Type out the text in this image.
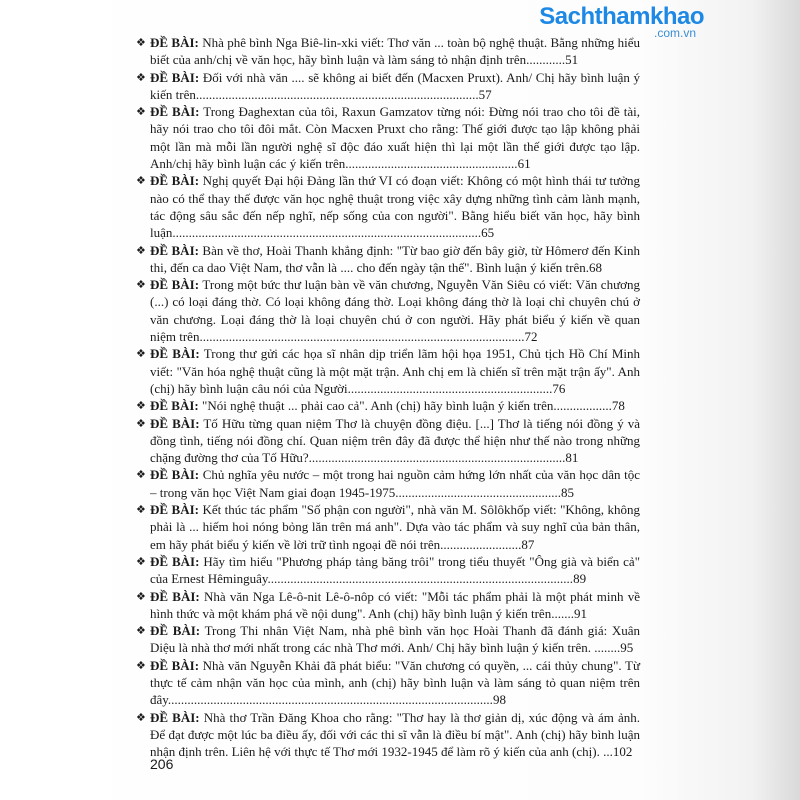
Sachthamkhao
.com.vn

❖ ĐỀ BÀI: Nhà phê bình Nga Biê-lin-xki viết: Thơ văn ... toàn bộ nghệ thuật. Bằng những hiểu biết của anh/chị về văn học, hãy bình luận và làm sáng tỏ nhận định trên............51

❖ ĐỀ BÀI: Đối với nhà văn .... sẽ không ai biết đến (Macxen Pruxt). Anh/ Chị hãy bình luận ý kiến trên.......................................................................................57

❖ ĐỀ BÀI: Trong Đaghextan của tôi, Raxun Gamzatov từng nói: Đừng nói trao cho tôi đề tài, hãy nói trao cho tôi đôi mắt. Còn Macxen Pruxt cho rằng: Thế giới được tạo lập không phải một lần mà mỗi lần người nghệ sĩ độc đáo xuất hiện thì lại một lần thế giới được tạo lập. Anh/chị hãy bình luận các ý kiến trên.....................................................61

❖ ĐỀ BÀI: Nghị quyết Đại hội Đảng lần thứ VI có đoạn viết: Không có một hình thái tư tưởng nào có thể thay thế được văn học nghệ thuật trong việc xây dựng những tình cảm lành mạnh, tác động sâu sắc đến nếp nghĩ, nếp sống của con người". Bằng hiểu biết văn học, hãy bình luận...............................................................................................65

❖ ĐỀ BÀI: Bàn về thơ, Hoài Thanh khẳng định: "Từ bao giờ đến bây giờ, từ Hômerơ đến Kinh thi, đến ca dao Việt Nam, thơ vẫn là .... cho đến ngày tận thế". Bình luận ý kiến trên.68

❖ ĐỀ BÀI: Trong một bức thư luận bàn về văn chương, Nguyễn Văn Siêu có viết: Văn chương (...) có loại đáng thờ. Có loại không đáng thờ. Loại không đáng thờ là loại chỉ chuyên chú ở văn chương. Loại đáng thờ là loại chuyên chú ở con người. Hãy phát biểu ý kiến về quan niệm trên....................................................................................................72

❖ ĐỀ BÀI: Trong thư gửi các họa sĩ nhân dịp triển lãm hội họa 1951, Chủ tịch Hồ Chí Minh viết: "Văn hóa nghệ thuật cũng là một mặt trận. Anh chị em là chiến sĩ trên mặt trận ấy". Anh (chị) hãy bình luận câu nói của Người...............................................................76

❖ ĐỀ BÀI: "Nói nghệ thuật ... phải cao cả". Anh (chị) hãy bình luận ý kiến trên..................78

❖ ĐỀ BÀI: Tố Hữu từng quan niệm Thơ là chuyện đồng điệu. [...] Thơ là tiếng nói đồng ý và đồng tình, tiếng nói đồng chí. Quan niệm trên đây đã được thể hiện như thế nào trong những chặng đường thơ của Tố Hữu?...............................................................................81

❖ ĐỀ BÀI: Chủ nghĩa yêu nước – một trong hai nguồn cảm hứng lớn nhất của văn học dân tộc – trong văn học Việt Nam giai đoạn 1945-1975...................................................85

❖ ĐỀ BÀI: Kết thúc tác phẩm "Số phận con người", nhà văn M. Sôlôkhốp viết: "Không, không phải là ... hiếm hoi nóng bỏng lăn trên má anh". Dựa vào tác phẩm và suy nghĩ của bản thân, em hãy phát biểu ý kiến về lời trữ tình ngoại đề nói trên.........................87

❖ ĐỀ BÀI: Hãy tìm hiểu "Phương pháp tảng băng trôi" trong tiểu thuyết "Ông già và biển cả" của Ernest Hêminguây..............................................................................................89

❖ ĐỀ BÀI: Nhà văn Nga Lê-ô-nit Lê-ô-nôp có viết: "Mỗi tác phẩm phải là một phát minh về hình thức và một khám phá về nội dung". Anh (chị) hãy bình luận ý kiến trên.......91

❖ ĐỀ BÀI: Trong Thi nhân Việt Nam, nhà phê bình văn học Hoài Thanh đã đánh giá: Xuân Diệu là nhà thơ mới nhất trong các nhà Thơ mới. Anh/ Chị hãy bình luận ý kiến trên. ........95

❖ ĐỀ BÀI: Nhà văn Nguyễn Khải đã phát biểu: "Văn chương có quyền, ... cái thủy chung". Từ thực tế cảm nhận văn học của mình, anh (chị) hãy bình luận và làm sáng tỏ quan niệm trên đây....................................................................................................98

❖ ĐỀ BÀI: Nhà thơ Trần Đăng Khoa cho rằng: "Thơ hay là thơ giản dị, xúc động và ám ảnh. Để đạt được một lúc ba điều ấy, đối với các thi sĩ vẫn là điều bí mật". Anh (chị) hãy bình luận nhận định trên. Liên hệ với thực tế Thơ mới 1932-1945 để làm rõ ý kiến của anh (chị). ...102

206
